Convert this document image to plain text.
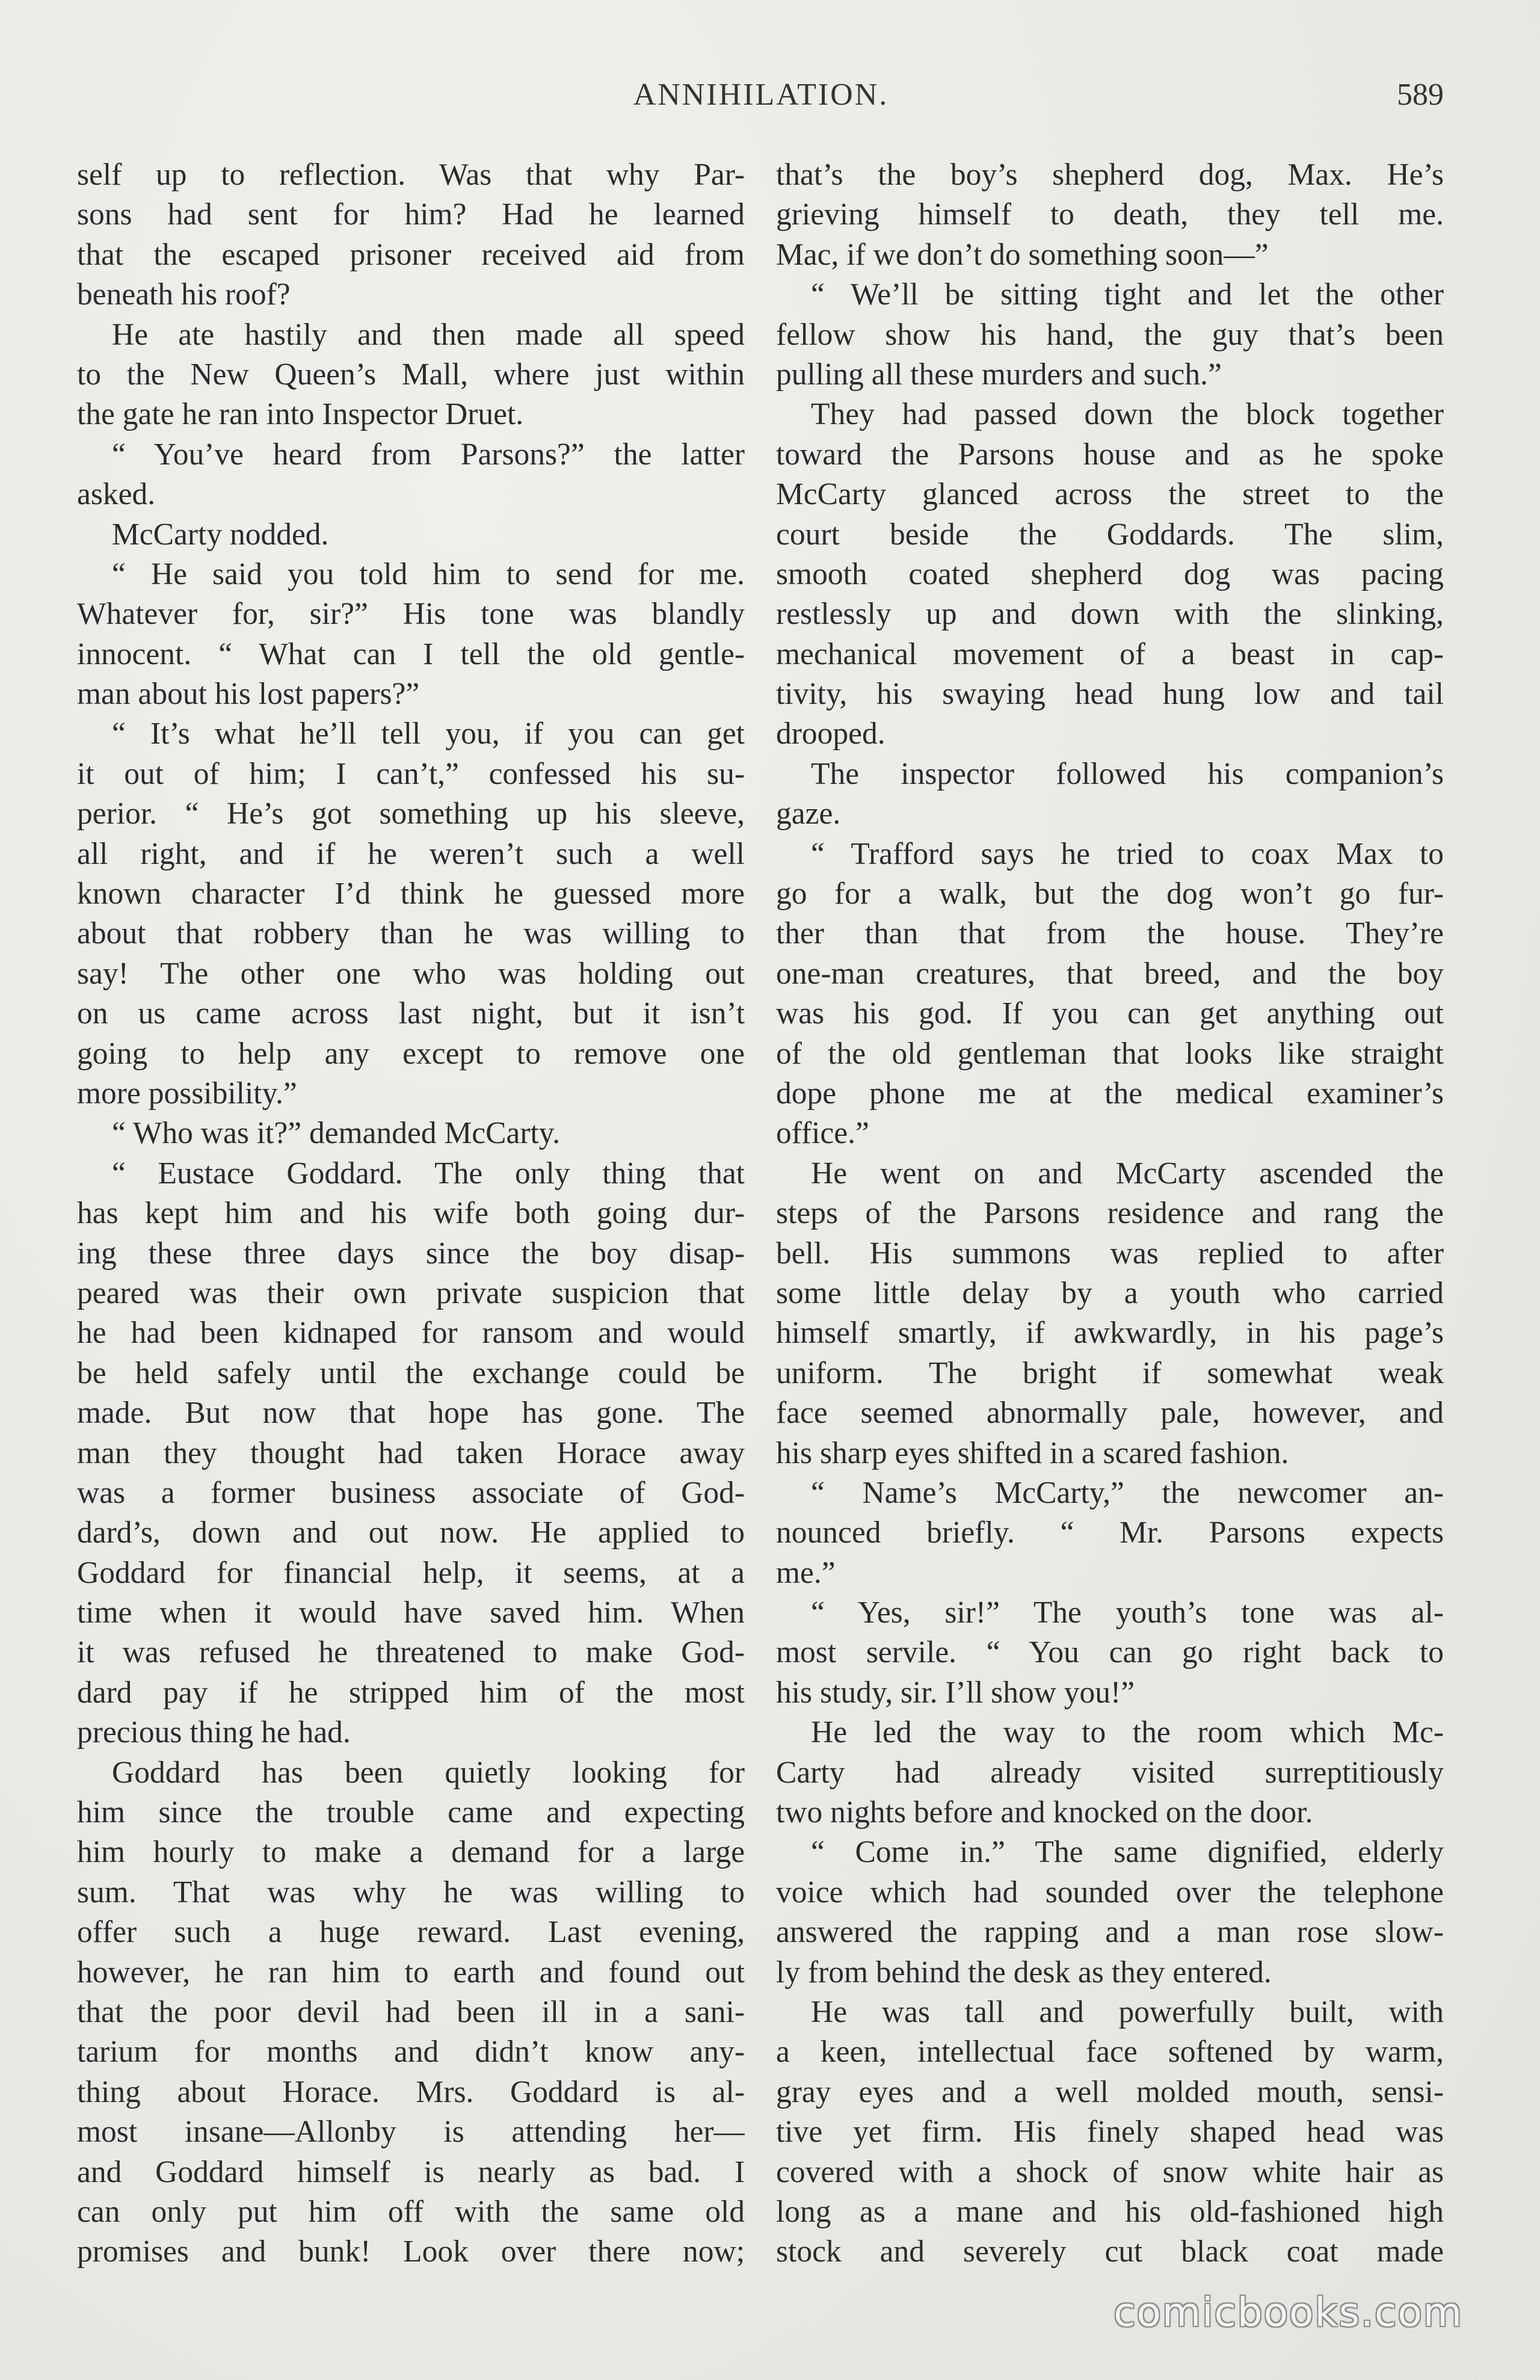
ANNIHILATION.	589
self up to reflection. Was that why Par-
sons had sent for him? Had he learned
that the escaped prisoner received aid from
beneath his roof?
He ate hastily and then made all speed
to the New Queen’s Mall, where just within
the gate he ran into Inspector Druet.
“ You’ve heard from Parsons?” the latter
asked.
McCarty nodded.
“ He said you told him to send for me.
Whatever for, sir?” His tone was blandly
innocent. “ What can I tell the old gentle-
man about his lost papers?”
“ It’s what he’ll tell you, if you can get
it out of him; I can’t,” confessed his su-
perior. “ He’s got something up his sleeve,
all right, and if he weren’t such a well
known character I’d think he guessed more
about that robbery than he was willing to
say! The other one who was holding out
on us came across last night, but it isn’t
going to help any except to remove one
more possibility.”
“ Who was it?” demanded McCarty.
“ Eustace Goddard. The only thing that
has kept him and his wife both going dur-
ing these three days since the boy disap-
peared was their own private suspicion that
he had been kidnaped for ransom and would
be held safely until the exchange could be
made. But now that hope has gone. The
man they thought had taken Horace away
was a former business associate of God-
dard’s, down and out now. He applied to
Goddard for financial help, it seems, at a
time when it would have saved him. When
it was refused he threatened to make God-
dard pay if he stripped him of the most
precious thing he had.
Goddard has been quietly looking for
him since the trouble came and expecting
him hourly to make a demand for a large
sum. That was why he was willing to
offer such a huge reward. Last evening,
however, he ran him to earth and found out
that the poor devil had been ill in a sani-
tarium for months and didn’t know any-
thing about Horace. Mrs. Goddard is al-
most insane—Allonby is attending her—
and Goddard himself is nearly as bad. I
can only put him off with the same old
promises and bunk! Look over there now;
that’s the boy’s shepherd dog, Max. He’s
grieving himself to death, they tell me.
Mac, if we don’t do something soon—”
“ We’ll be sitting tight and let the other
fellow show his hand, the guy that’s been
pulling all these murders and such.”
They had passed down the block together
toward the Parsons house and as he spoke
McCarty glanced across the street to the
court beside the Goddards. The slim,
smooth coated shepherd dog was pacing
restlessly up and down with the slinking,
mechanical movement of a beast in cap-
tivity, his swaying head hung low and tail
drooped.
The inspector followed his companion’s
gaze.
“ Trafford says he tried to coax Max to
go for a walk, but the dog won’t go fur-
ther than that from the house. They’re
one-man creatures, that breed, and the boy
was his god. If you can get anything out
of the old gentleman that looks like straight
dope phone me at the medical examiner’s
office.”
He went on and McCarty ascended the
steps of the Parsons residence and rang the
bell. His summons was replied to after
some little delay by a youth who carried
himself smartly, if awkwardly, in his page’s
uniform. The bright if somewhat weak
face seemed abnormally pale, however, and
his sharp eyes shifted in a scared fashion.
“ Name’s McCarty,” the newcomer an-
nounced briefly. “ Mr. Parsons expects
me.”
“ Yes, sir!” The youth’s tone was al-
most servile. “ You can go right back to
his study, sir. I’ll show you!”
He led the way to the room which Mc-
Carty had already visited surreptitiously
two nights before and knocked on the door.
“ Come in.” The same dignified, elderly
voice which had sounded over the telephone
answered the rapping and a man rose slow-
ly from behind the desk as they entered.
He was tall and powerfully built, with
a keen, intellectual face softened by warm,
gray eyes and a well molded mouth, sensi-
tive yet firm. His finely shaped head was
covered with a shock of snow white hair as
long as a mane and his old-fashioned high
stock and severely cut black coat made
comicbooks.com
